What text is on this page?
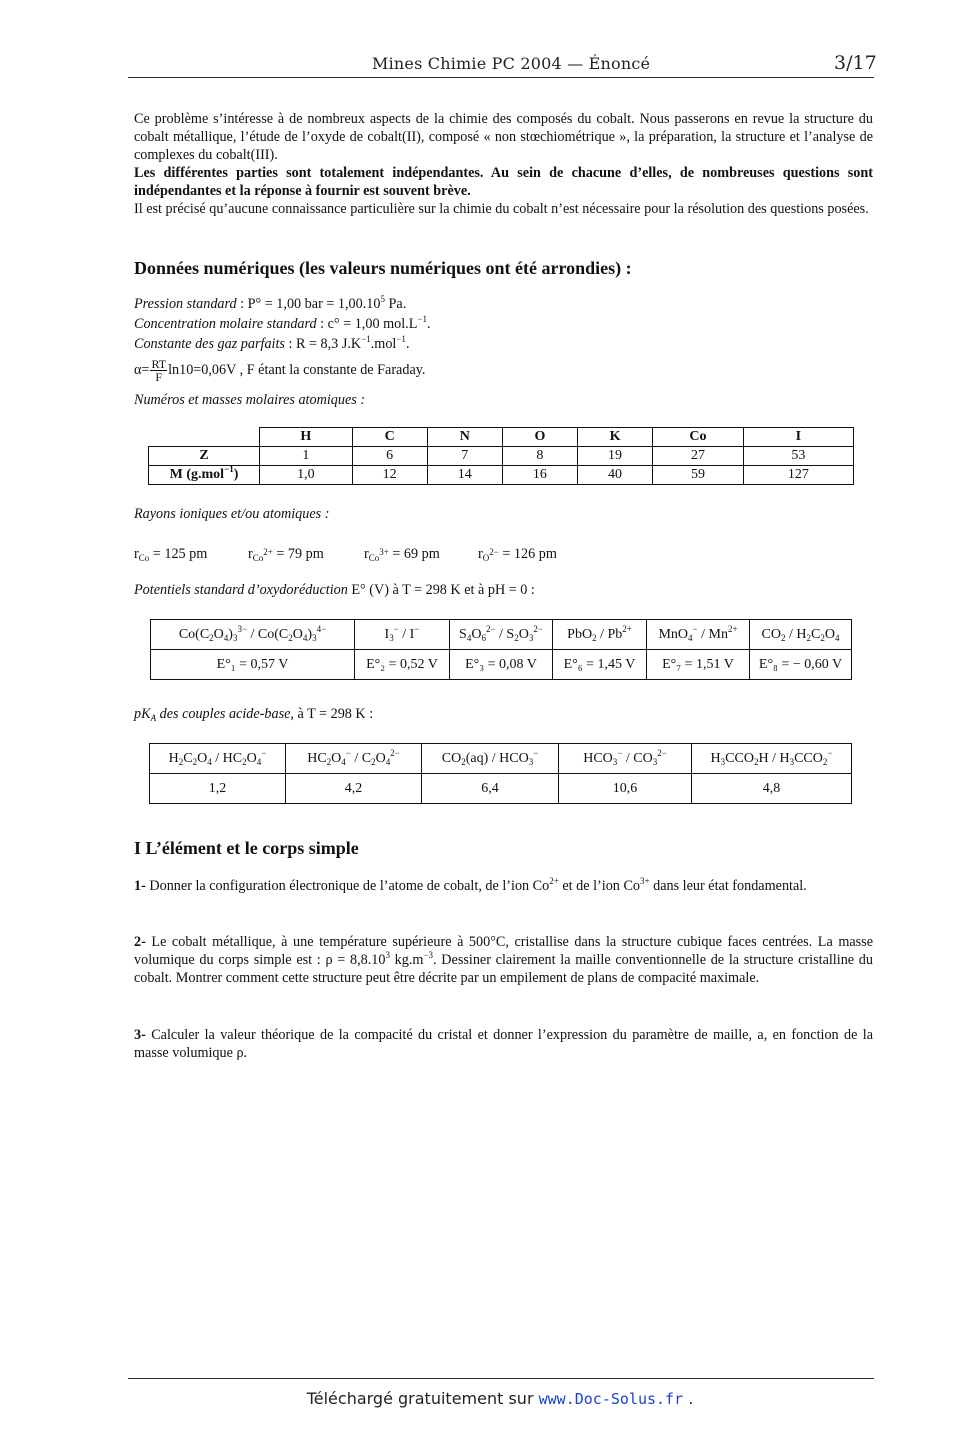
Mines Chimie PC 2004 — Énoncé	3/17

Ce problème s’intéresse à de nombreux aspects de la chimie des composés du cobalt. Nous passerons en revue la structure du cobalt métallique, l’étude de l’oxyde de cobalt(II), composé « non stœchiométrique », la préparation, la structure et l’analyse de complexes du cobalt(III).

Les différentes parties sont totalement indépendantes. Au sein de chacune d’elles, de nombreuses questions sont indépendantes et la réponse à fournir est souvent brève.

Il est précisé qu’aucune connaissance particulière sur la chimie du cobalt n’est nécessaire pour la résolution des questions posées.

Données numériques (les valeurs numériques ont été arrondies) :
Pression standard : P° = 1,00 bar = $1,00.10^5$ Pa.
Concentration molaire standard : c° = 1,00 $mol.L^{-1}$.
Constante des gaz parfaits : R = 8,3 $J.K^{-1}.mol^{-1}$.
$\alpha= \frac{RT}{F} \ln 10=0,06V$ , F étant la constante de Faraday.
Numéros et masses molaires atomiques :
	H	C	N	O	K	Co	I
Z	1	6	7	8	19	27	53
M (g.mol$^{-1}$)	1,0	12	14	16	40	59	127
Rayons ioniques et/ou atomiques :
$r_{Co} = 125$ pm	$r_{Co^{2+}} = 79$ pm	$r_{Co^{3+}} = 69$ pm	$r_{O^{2-}} = 126$ pm
Potentiels standard d’oxydoréduction E° (V) à T = 298 K et à pH = 0 :
$Co(C_2O_4)_3^{3-} / Co(C_2O_4)_3^{4-}$	$I_3^- / I^-$	$S_4O_6^{2-} / S_2O_3^{2-}$	$PbO_2 / Pb^{2+}$	$MnO_4^- / Mn^{2+}$	$CO_2 / H_2C_2O_4$
E°₁ = 0,57 V	E°₂ = 0,52 V	E°₃ = 0,08 V	E°₆ = 1,45 V	E°₇ = 1,51 V	E°₈ = − 0,60 V
$pK_A$ des couples acide-base, à T = 298 K :
$H_2C_2O_4 / HC_2O_4^-$	$HC_2O_4^- / C_2O_4^{2-}$	$CO_2(aq) / HCO_3^-$	$HCO_3^- / CO_3^{2-}$	$H_3CCO_2H / H_3CCO_2^-$
1,2	4,2	6,4	10,6	4,8
I L’élément et le corps simple

1- Donner la configuration électronique de l’atome de cobalt, de l’ion $Co^{2+}$ et de l’ion $Co^{3+}$ dans leur état fondamental.

2- Le cobalt métallique, à une température supérieure à 500°C, cristallise dans la structure cubique faces centrées. La masse volumique du corps simple est : $\rho = 8,8.10^3$ $kg.m^{-3}$. Dessiner clairement la maille conventionnelle de la structure cristalline du cobalt. Montrer comment cette structure peut être décrite par un empilement de plans de compacité maximale.

3- Calculer la valeur théorique de la compacité du cristal et donner l’expression du paramètre de maille, a, en fonction de la masse volumique ρ.

Téléchargé gratuitement sur www.Doc-Solus.fr .
